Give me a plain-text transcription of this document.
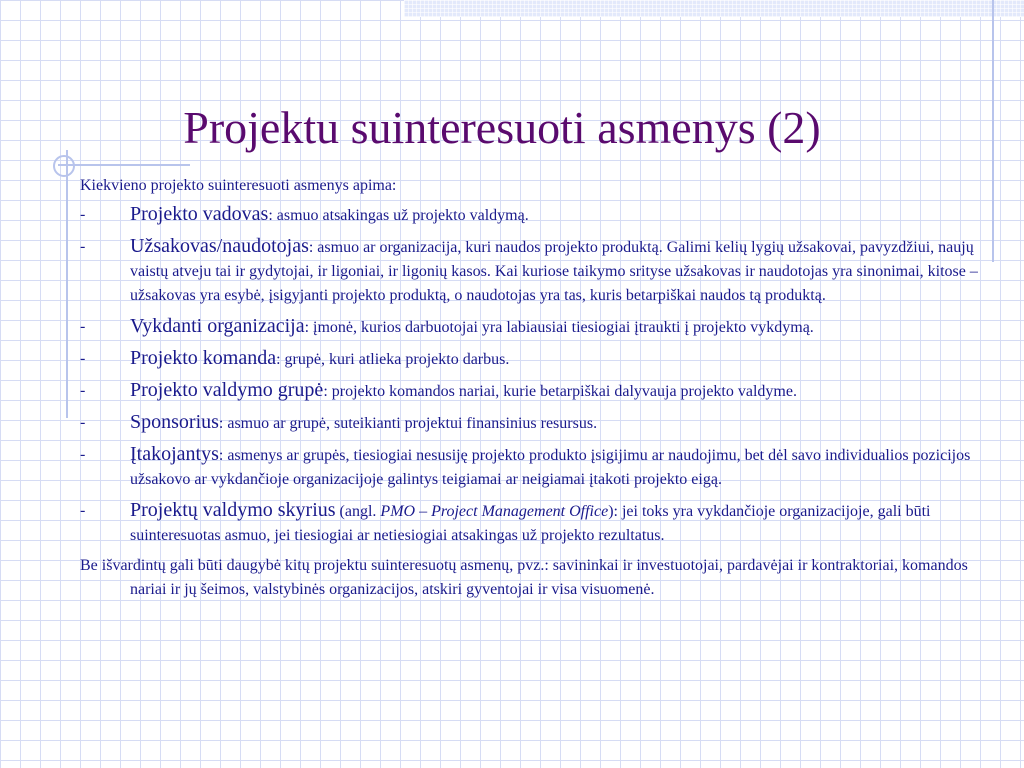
Projektu suinteresuoti asmenys (2)
Kiekvieno projekto suinteresuoti asmenys apima:
- Projekto vadovas: asmuo atsakingas už projekto valdymą.
- Užsakovas/naudotojas: asmuo ar organizacija, kuri naudos projekto produktą. Galimi kelių lygių užsakovai, pavyzdžiui, naujų vaistų atveju tai ir gydytojai, ir ligoniai, ir ligonių kasos. Kai kuriose taikymo srityse užsakovas ir naudotojas yra sinonimai, kitose – užsakovas yra esybė, įsigyjanti projekto produktą, o naudotojas yra tas, kuris betarpiškai naudos tą produktą.
- Vykdanti organizacija: įmonė, kurios darbuotojai yra labiausiai tiesiogiai įtraukti į projekto vykdymą.
- Projekto komanda: grupė, kuri atlieka projekto darbus.
- Projekto valdymo grupė: projekto komandos nariai, kurie betarpiškai dalyvauja projekto valdyme.
- Sponsorius: asmuo ar grupė, suteikianti projektui finansinius resursus.
- Įtakojantys: asmenys ar grupės, tiesiogiai nesusiję projekto produkto įsigijimu ar naudojimu, bet dėl savo individualios pozicijos užsakovo ar vykdančioje organizacijoje galintys teigiamai ar neigiamai įtakoti projekto eigą.
- Projektų valdymo skyrius (angl. PMO – Project Management Office): jei toks yra vykdančioje organizacijoje, gali būti suinteresuotas asmuo, jei tiesiogiai ar netiesiogiai atsakingas už projekto rezultatus.
Be išvardintų gali būti daugybė kitų projektu suinteresuotų asmenų, pvz.: savininkai ir investuotojai, pardavėjai ir kontraktoriai, komandos nariai ir jų šeimos, valstybinės organizacijos, atskiri gyventojai ir visa visuomenė.
